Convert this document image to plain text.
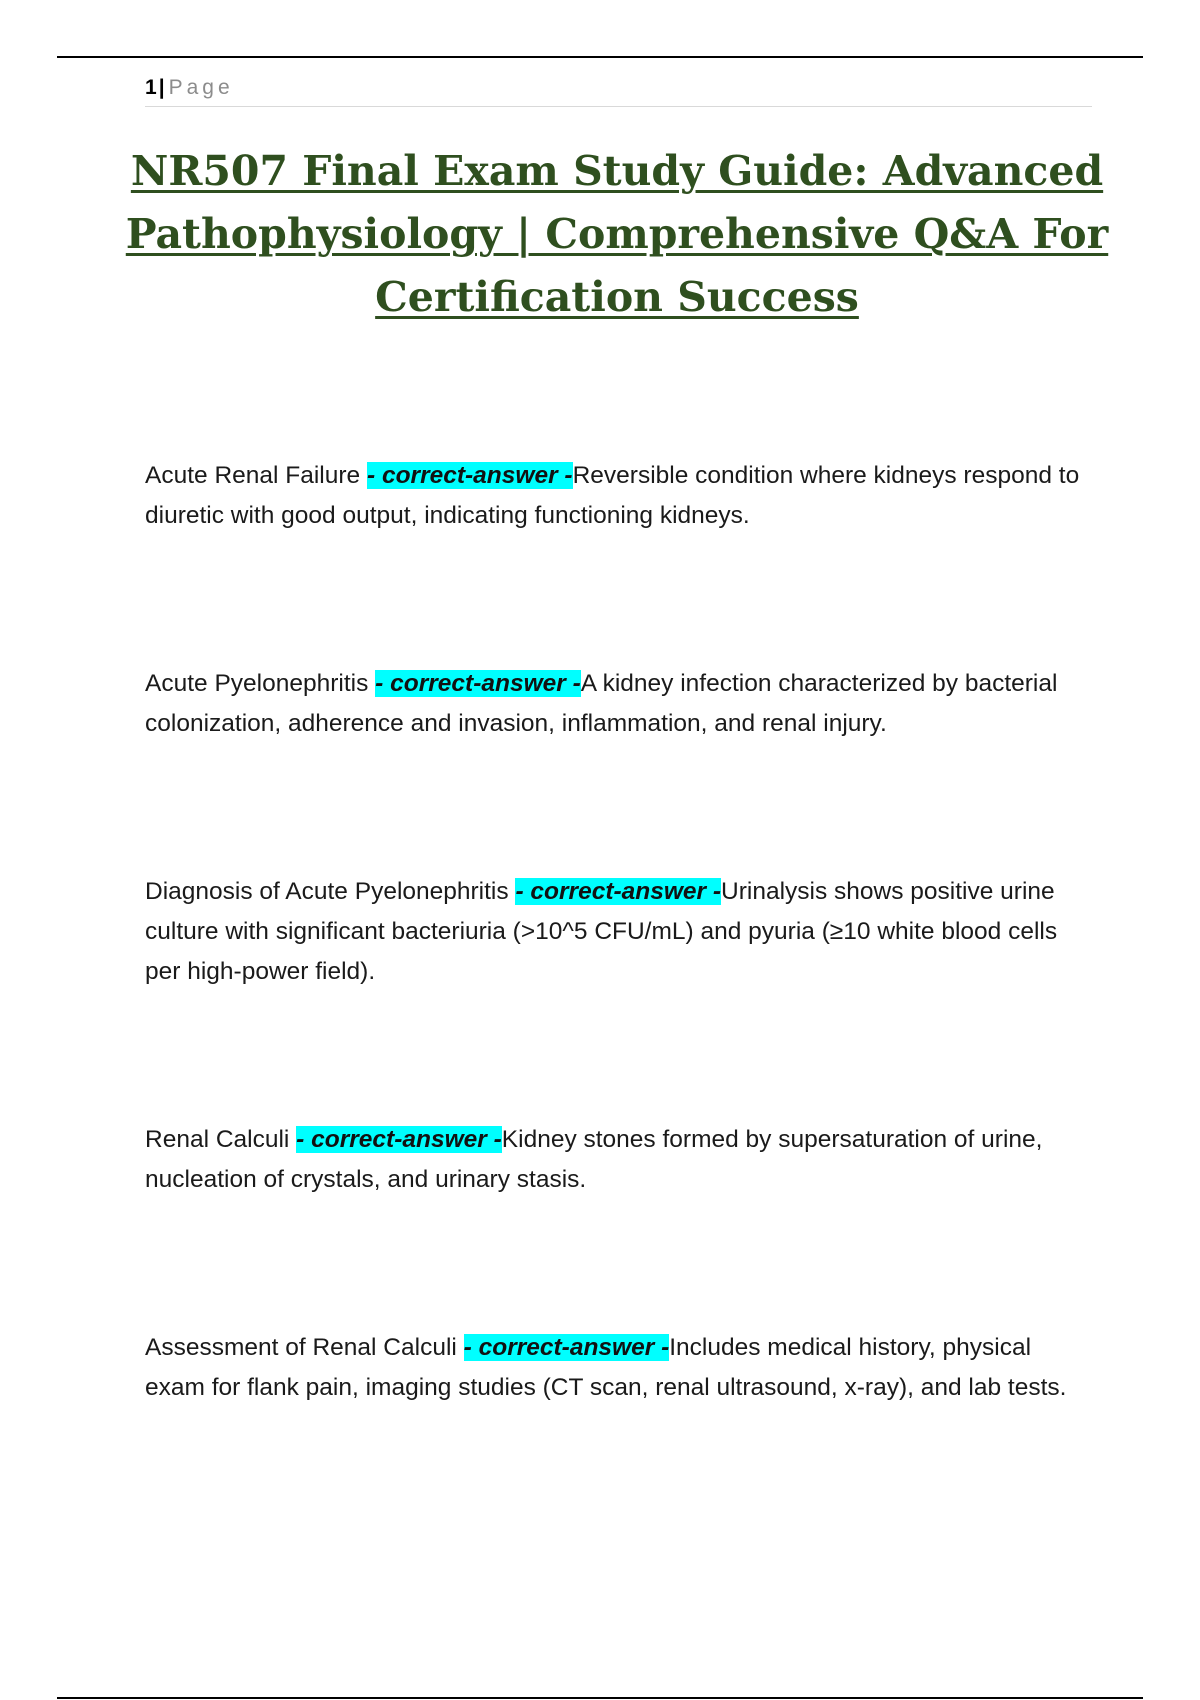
1| Page
NR507 Final Exam Study Guide: Advanced Pathophysiology | Comprehensive Q&A For Certification Success

Acute Renal Failure - correct-answer -Reversible condition where kidneys respond to diuretic with good output, indicating functioning kidneys.

Acute Pyelonephritis - correct-answer -A kidney infection characterized by bacterial colonization, adherence and invasion, inflammation, and renal injury.

Diagnosis of Acute Pyelonephritis - correct-answer -Urinalysis shows positive urine culture with significant bacteriuria (>10^5 CFU/mL) and pyuria (≥10 white blood cells per high-power field).

Renal Calculi - correct-answer -Kidney stones formed by supersaturation of urine, nucleation of crystals, and urinary stasis.

Assessment of Renal Calculi - correct-answer -Includes medical history, physical exam for flank pain, imaging studies (CT scan, renal ultrasound, x-ray), and lab tests.
